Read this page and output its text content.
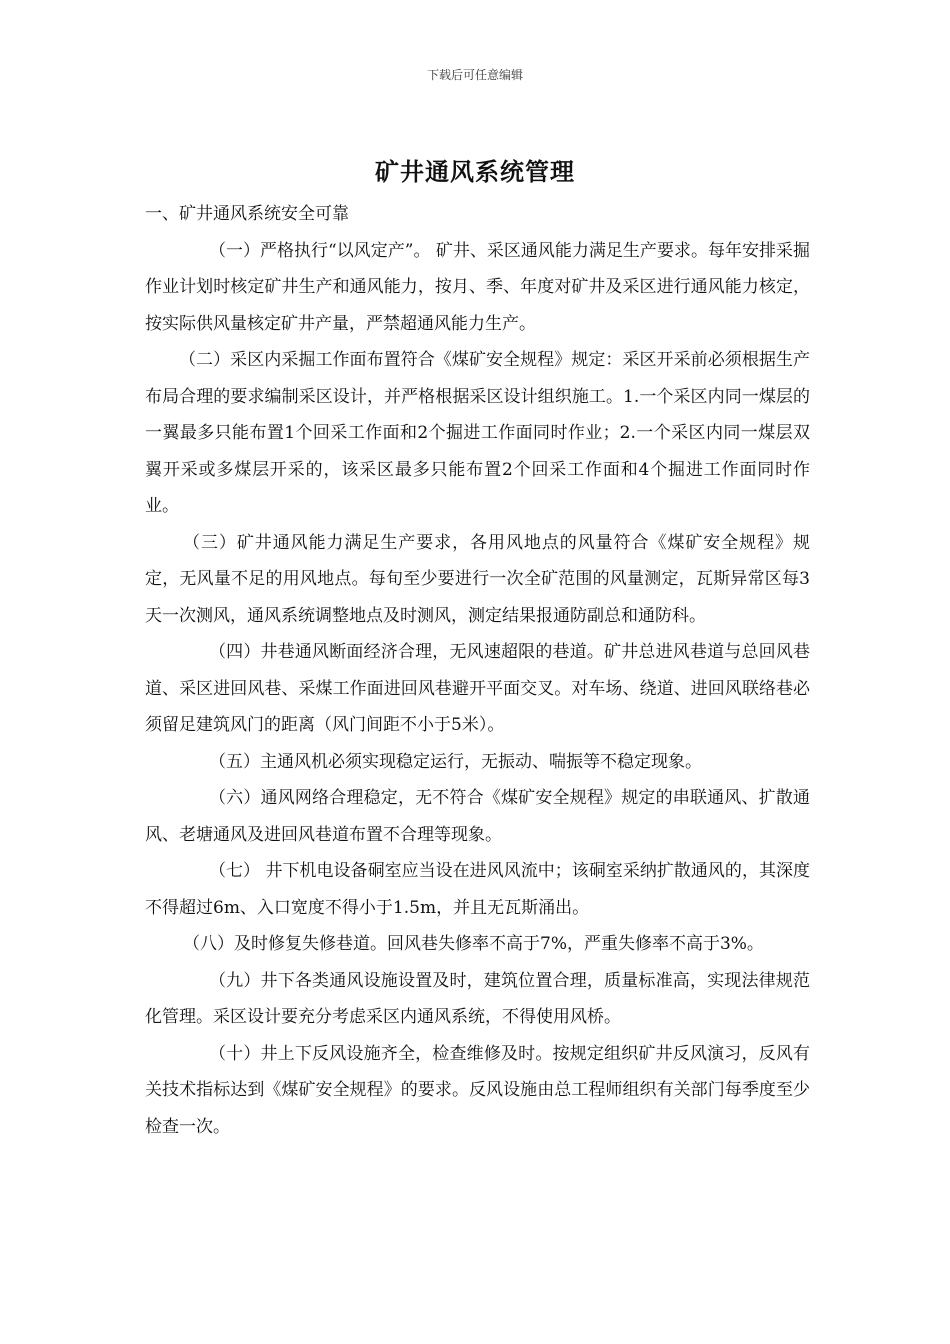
下载后可任意编辑
矿井通风系统管理

一、矿井通风系统安全可靠

（一）严格执行“以风定产”。 矿井、采区通风能力满足生产要求。每年安排采掘作业计划时核定矿井生产和通风能力，按月、季、年度对矿井及采区进行通风能力核定，按实际供风量核定矿井产量，严禁超通风能力生产。

（二）采区内采掘工作面布置符合《煤矿安全规程》规定：采区开采前必须根据生产布局合理的要求编制采区设计，并严格根据采区设计组织施工。1.一个采区内同一煤层的一翼最多只能布置1个回采工作面和2个掘进工作面同时作业；2.一个采区内同一煤层双翼开采或多煤层开采的，该采区最多只能布置2个回采工作面和4个掘进工作面同时作业。

（三）矿井通风能力满足生产要求，各用风地点的风量符合《煤矿安全规程》规定，无风量不足的用风地点。每旬至少要进行一次全矿范围的风量测定，瓦斯异常区每3天一次测风，通风系统调整地点及时测风，测定结果报通防副总和通防科。

（四）井巷通风断面经济合理，无风速超限的巷道。矿井总进风巷道与总回风巷道、采区进回风巷、采煤工作面进回风巷避开平面交叉。对车场、绕道、进回风联络巷必须留足建筑风门的距离（风门间距不小于5米）。

（五）主通风机必须实现稳定运行，无振动、喘振等不稳定现象。

（六）通风网络合理稳定，无不符合《煤矿安全规程》规定的串联通风、扩散通风、老塘通风及进回风巷道布置不合理等现象。

（七） 井下机电设备硐室应当设在进风风流中；该硐室采纳扩散通风的，其深度不得超过6m、入口宽度不得小于1.5m，并且无瓦斯涌出。

（八）及时修复失修巷道。回风巷失修率不高于7%，严重失修率不高于3%。

（九）井下各类通风设施设置及时，建筑位置合理，质量标准高，实现法律规范化管理。采区设计要充分考虑采区内通风系统，不得使用风桥。

（十）井上下反风设施齐全，检查维修及时。按规定组织矿井反风演习，反风有关技术指标达到《煤矿安全规程》的要求。反风设施由总工程师组织有关部门每季度至少检查一次。
